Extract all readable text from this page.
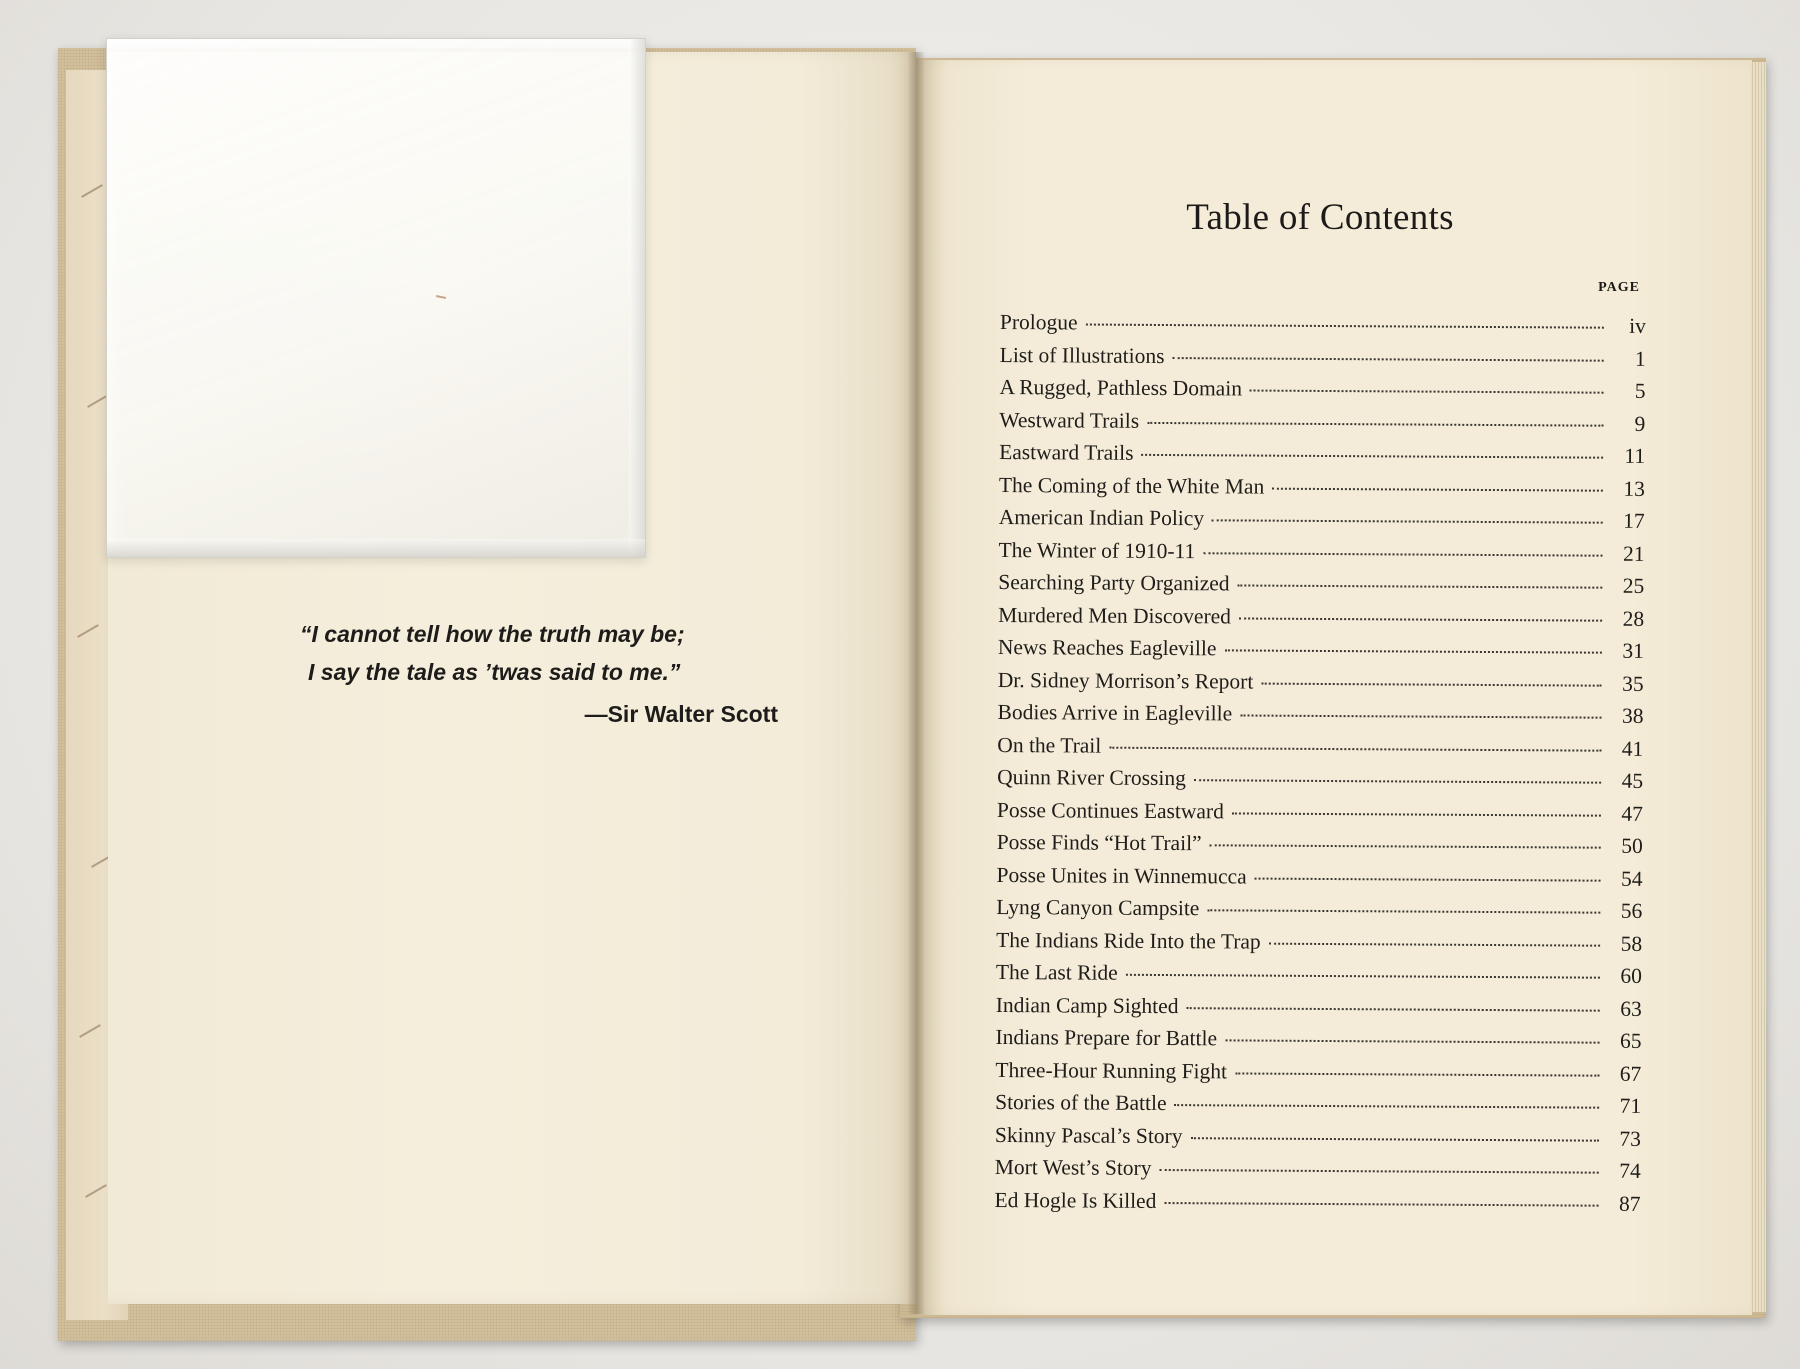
“I cannot tell how the truth may be;
I say the tale as ’twas said to me.”
—Sir Walter Scott
Table of Contents
PAGE
Prologue	iv
List of Illustrations	1
A Rugged, Pathless Domain	5
Westward Trails	9
Eastward Trails	11
The Coming of the White Man	13
American Indian Policy	17
The Winter of 1910-11	21
Searching Party Organized	25
Murdered Men Discovered	28
News Reaches Eagleville	31
Dr. Sidney Morrison’s Report	35
Bodies Arrive in Eagleville	38
On the Trail	41
Quinn River Crossing	45
Posse Continues Eastward	47
Posse Finds “Hot Trail”	50
Posse Unites in Winnemucca	54
Lyng Canyon Campsite	56
The Indians Ride Into the Trap	58
The Last Ride	60
Indian Camp Sighted	63
Indians Prepare for Battle	65
Three-Hour Running Fight	67
Stories of the Battle	71
Skinny Pascal’s Story	73
Mort West’s Story	74
Ed Hogle Is Killed	87
